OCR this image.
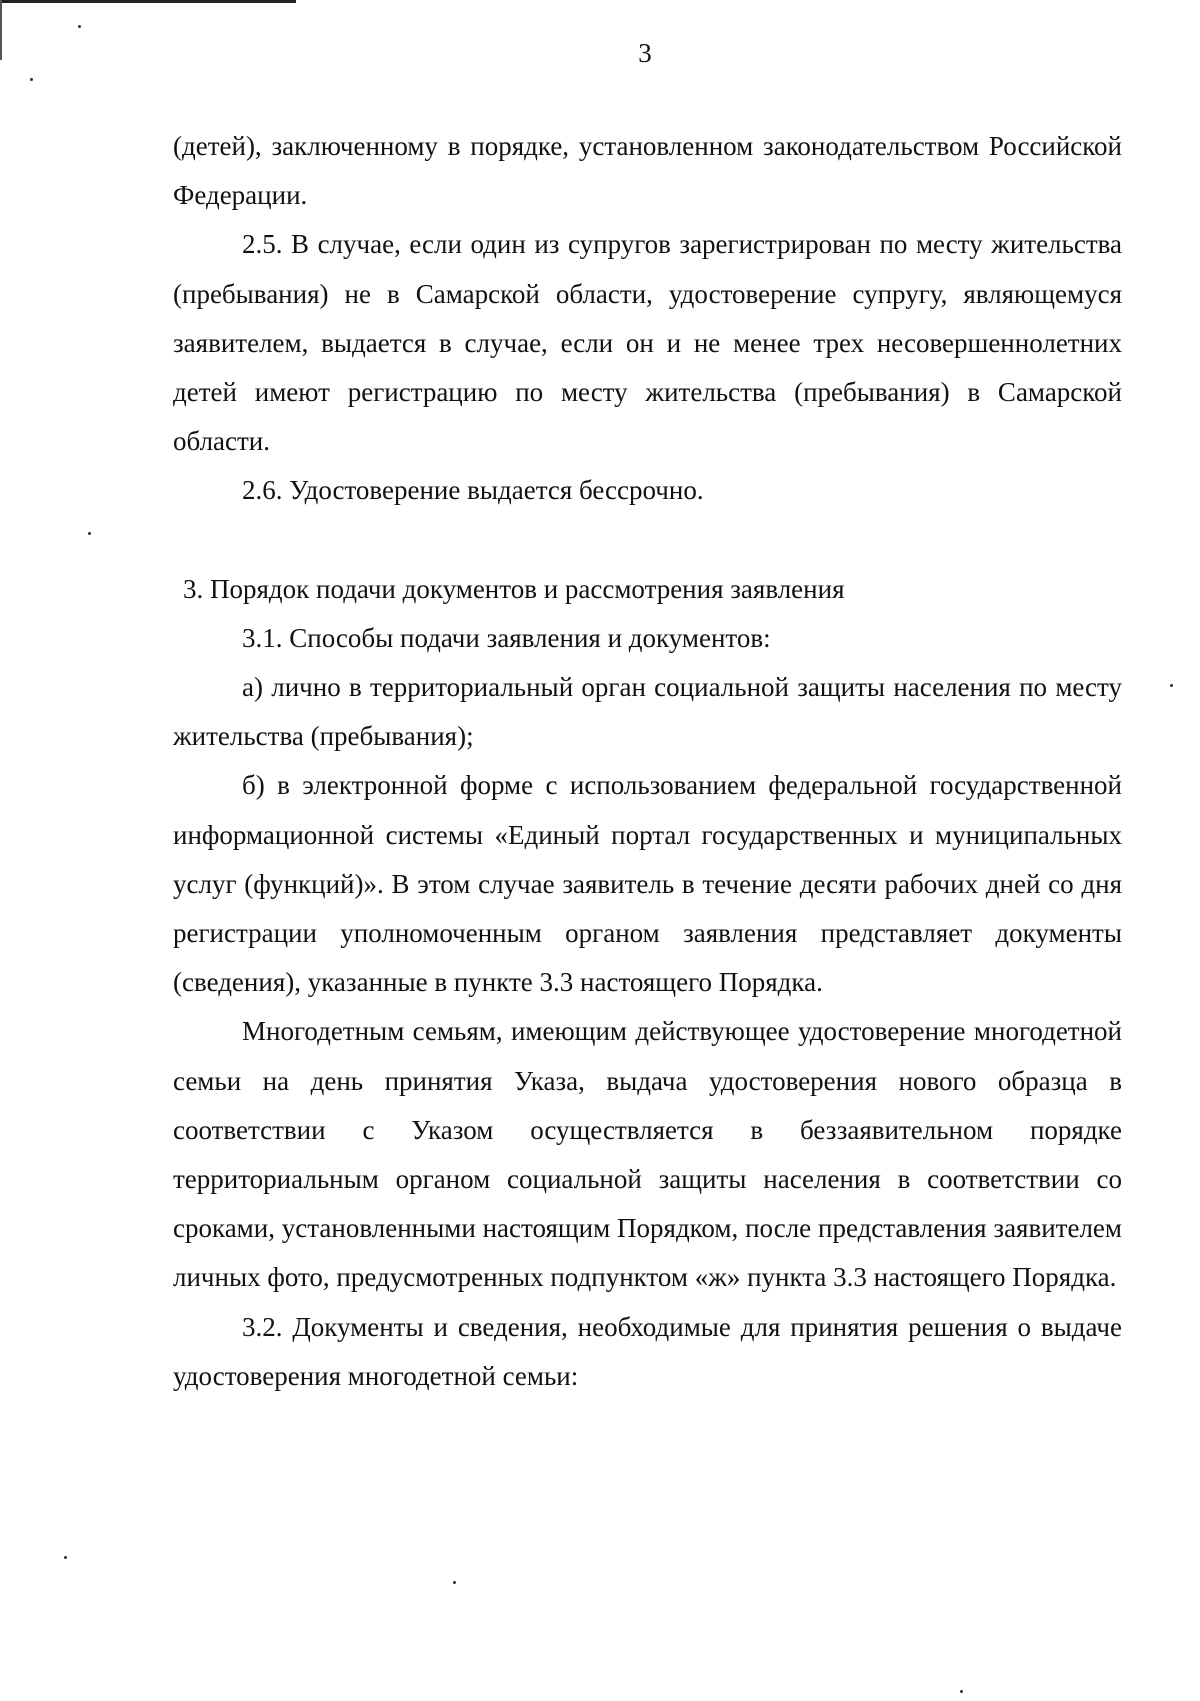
3

(детей), заключенному в порядке, установленном законодательством Российской Федерации.

2.5. В случае, если один из супругов зарегистрирован по месту жительства (пребывания) не в Самарской области, удостоверение супругу, являющемуся заявителем, выдается в случае, если он и не менее трех несовершеннолетних детей имеют регистрацию по месту жительства (пребывания) в Самарской области.

2.6. Удостоверение выдается бессрочно.

3. Порядок подачи документов и рассмотрения заявления

3.1. Способы подачи заявления и документов:

а) лично в территориальный орган социальной защиты населения по месту жительства (пребывания);

б) в электронной форме с использованием федеральной государственной информационной системы «Единый портал государственных и муниципальных услуг (функций)». В этом случае заявитель в течение десяти рабочих дней со дня регистрации уполномоченным органом заявления представляет документы (сведения), указанные в пункте 3.3 настоящего Порядка.

Многодетным семьям, имеющим действующее удостоверение многодетной семьи на день принятия Указа, выдача удостоверения нового образца в соответствии с Указом осуществляется в беззаявительном порядке территориальным органом социальной защиты населения в соответствии со сроками, установленными настоящим Порядком, после представления заявителем личных фото, предусмотренных подпунктом «ж» пункта 3.3 настоящего Порядка.

3.2. Документы и сведения, необходимые для принятия решения о выдаче удостоверения многодетной семьи:
